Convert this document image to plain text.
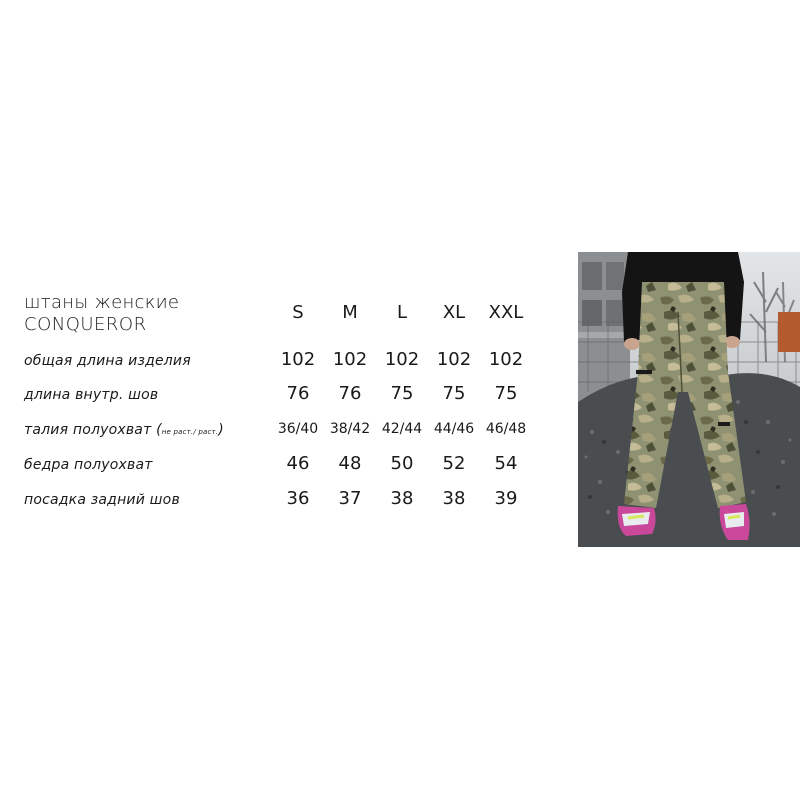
штаны женские
CONQUEROR
S	M	L	XL	XXL
общая длина изделия	102 102 102 102 102
длина внутр. шов	76	76	75	75	75
талия полуохват (не раст./ раст.)	36/40 38/42 42/44 44/46 46/48
бедра полуохват	46	48	50	52	54
посадка задний шов	36	37	38	38	39
